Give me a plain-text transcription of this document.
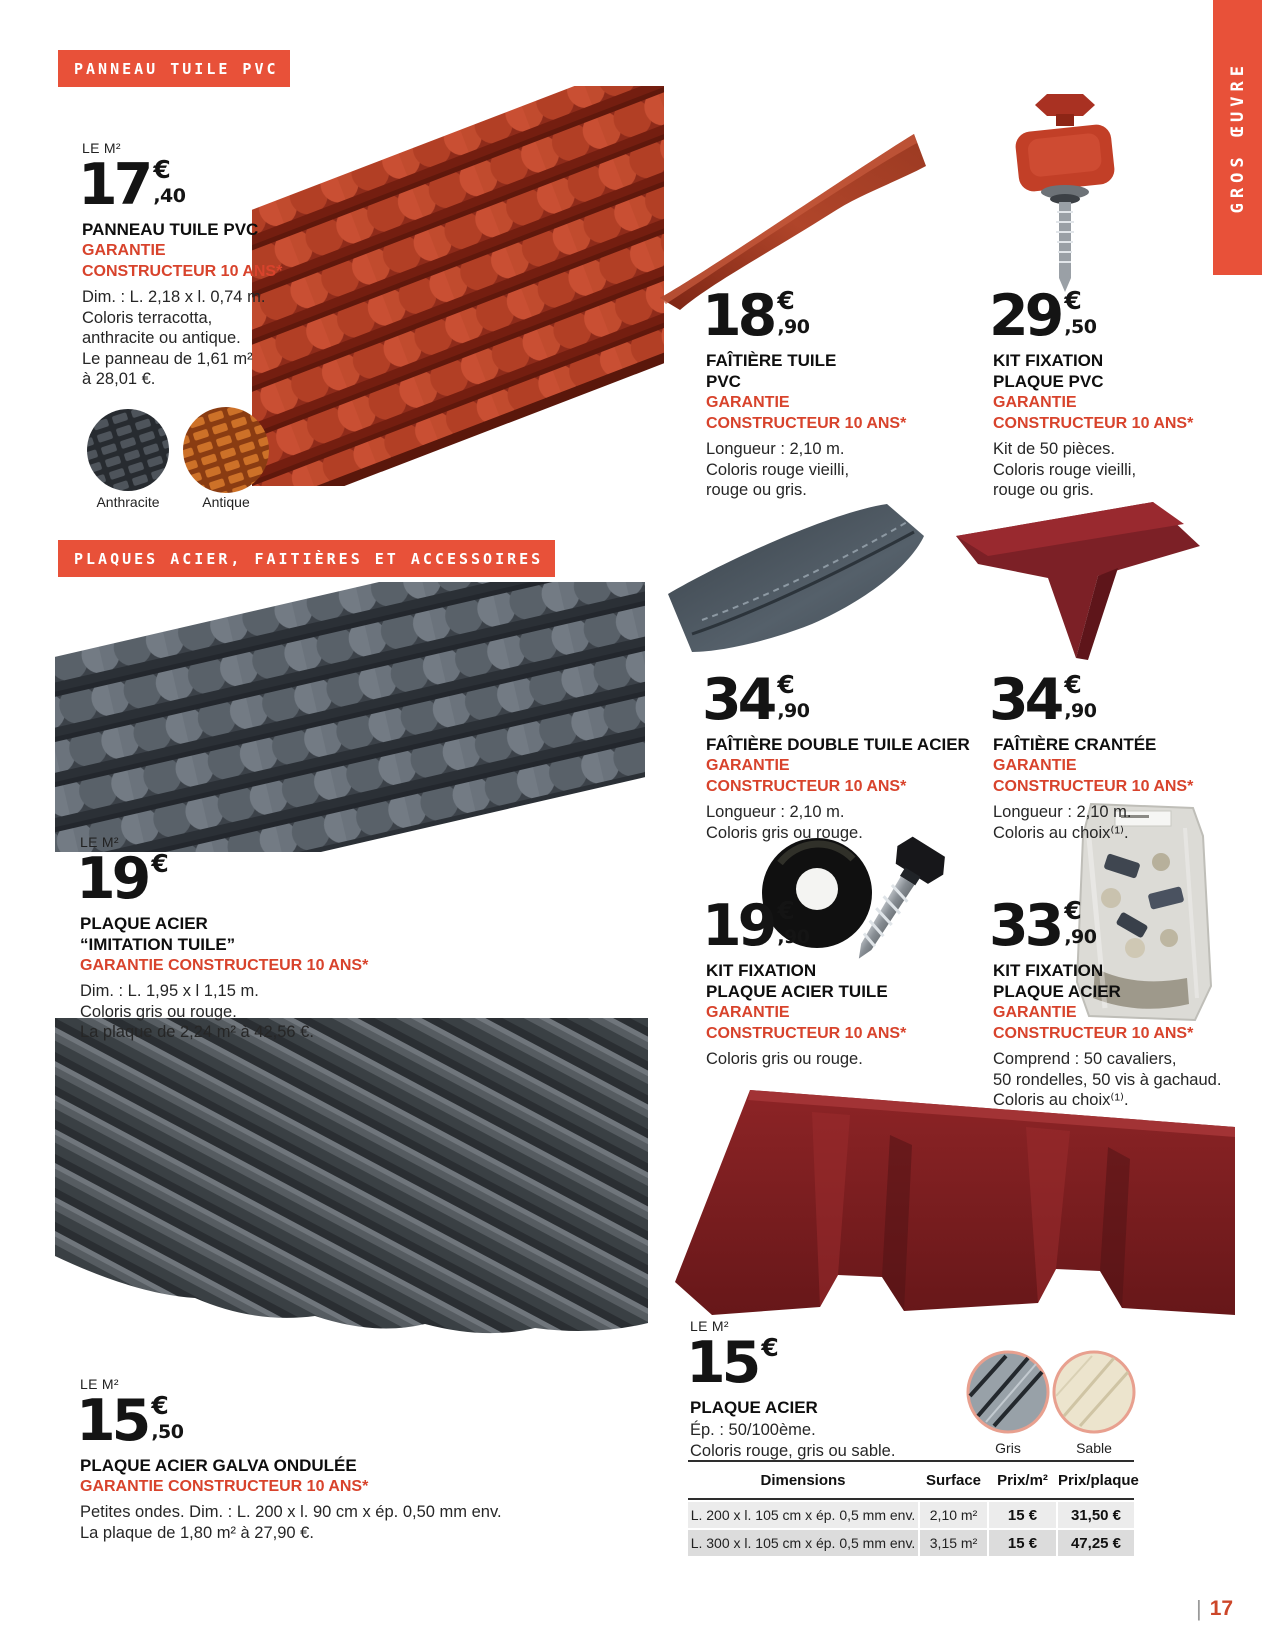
PANNEAU TUILE PVC
PLAQUES ACIER, FAITIÈRES ET ACCESSOIRES
GROS ŒUVRE
LE M²
17 €
,40
PANNEAU TUILE PVC
GARANTIE
CONSTRUCTEUR 10 ANS*
Dim. : L. 2,18 x l. 0,74 m.
Coloris terracotta,
anthracite ou antique.
Le panneau de 1,61 m²
à 28,01 €.
Anthracite	Antique
18 €
,90
FAÎTIÈRE TUILE
PVC
GARANTIE
CONSTRUCTEUR 10 ANS*
Longueur : 2,10 m.
Coloris rouge vieilli,
rouge ou gris.
29 €
,50
KIT FIXATION
PLAQUE PVC
GARANTIE
CONSTRUCTEUR 10 ANS*
Kit de 50 pièces.
Coloris rouge vieilli,
rouge ou gris.
LE M²
19 €
PLAQUE ACIER
“IMITATION TUILE”
GARANTIE CONSTRUCTEUR 10 ANS*
Dim. : L. 1,95 x l 1,15 m.
Coloris gris ou rouge.
La plaque de 2,24 m² à 42,56 €.
34 €
,90
FAÎTIÈRE DOUBLE TUILE ACIER
GARANTIE
CONSTRUCTEUR 10 ANS*
Longueur : 2,10 m.
Coloris gris ou rouge.
34 €
,90
FAÎTIÈRE CRANTÉE
GARANTIE
CONSTRUCTEUR 10 ANS*
Longueur : 2,10 m.
Coloris au choix⁽¹⁾.
19 €
,90
KIT FIXATION
PLAQUE ACIER TUILE
GARANTIE
CONSTRUCTEUR 10 ANS*
Coloris gris ou rouge.
33 €
,90
KIT FIXATION
PLAQUE ACIER
GARANTIE
CONSTRUCTEUR 10 ANS*
Comprend : 50 cavaliers,
50 rondelles, 50 vis à gachaud.
Coloris au choix⁽¹⁾.
LE M²
15 €
,50
PLAQUE ACIER GALVA ONDULÉE
GARANTIE CONSTRUCTEUR 10 ANS*
Petites ondes. Dim. : L. 200 x l. 90 cm x ép. 0,50 mm env.
La plaque de 1,80 m² à 27,90 €.
LE M²
15 €
PLAQUE ACIER
Ép. : 50/100ème.
Coloris rouge, gris ou sable.	Gris	Sable
Dimensions	Surface	Prix/m² Prix/plaque
L. 200 x l. 105 cm x ép. 0,5 mm env.	2,10 m²	15 €	31,50 €
L. 300 x l. 105 cm x ép. 0,5 mm env.	3,15 m²	15 €	47,25 €
| 17
